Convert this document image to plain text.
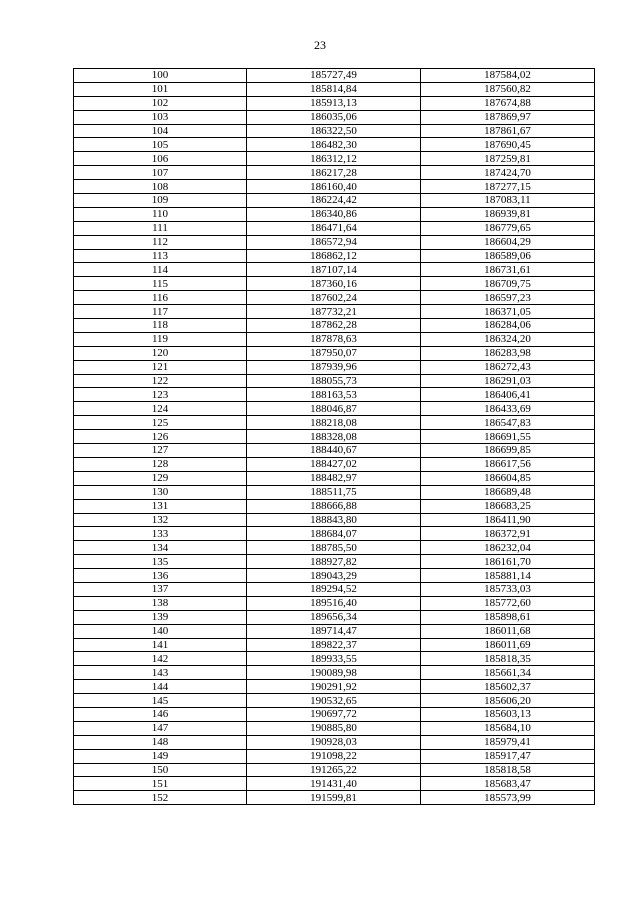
23
100	185727,49	187584,02
101	185814,84	187560,82
102	185913,13	187674,88
103	186035,06	187869,97
104	186322,50	187861,67
105	186482,30	187690,45
106	186312,12	187259,81
107	186217,28	187424,70
108	186160,40	187277,15
109	186224,42	187083,11
110	186340,86	186939,81
111	186471,64	186779,65
112	186572,94	186604,29
113	186862,12	186589,06
114	187107,14	186731,61
115	187360,16	186709,75
116	187602,24	186597,23
117	187732,21	186371,05
118	187862,28	186284,06
119	187878,63	186324,20
120	187950,07	186283,98
121	187939,96	186272,43
122	188055,73	186291,03
123	188163,53	186406,41
124	188046,87	186433,69
125	188218,08	186547,83
126	188328,08	186691,55
127	188440,67	186699,85
128	188427,02	186617,56
129	188482,97	186604,85
130	188511,75	186689,48
131	188666,88	186683,25
132	188843,80	186411,90
133	188684,07	186372,91
134	188785,50	186232,04
135	188927,82	186161,70
136	189043,29	185881,14
137	189294,52	185733,03
138	189516,40	185772,60
139	189656,34	185898,61
140	189714,47	186011,68
141	189822,37	186011,69
142	189933,55	185818,35
143	190089,98	185661,34
144	190291,92	185602,37
145	190532,65	185606,20
146	190697,72	185603,13
147	190885,80	185684,10
148	190928,03	185979,41
149	191098,22	185917,47
150	191265,22	185818,58
151	191431,40	185683,47
152	191599,81	185573,99
